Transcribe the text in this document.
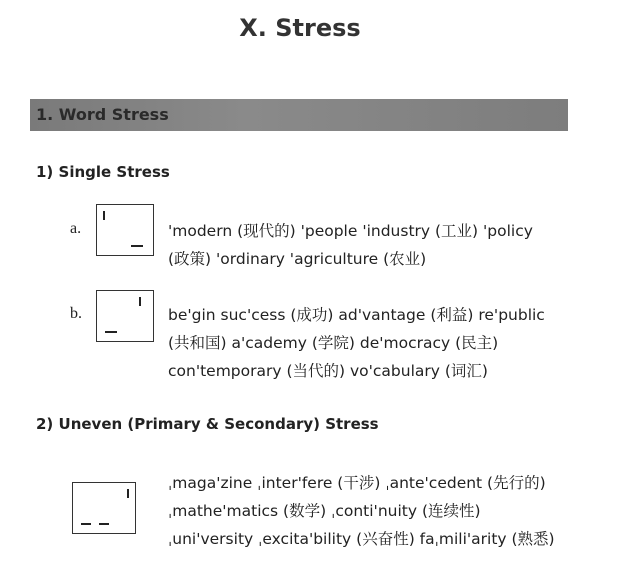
X. Stress
1. Word Stress
1) Single Stress
a.	'modern (现代的) 'people 'industry (工业) 'policy
(政策) 'ordinary 'agriculture (农业)
b.	be'gin suc'cess (成功) ad'vantage (利益) re'public
(共和国) a'cademy (学院) de'mocracy (民主)
con'temporary (当代的) vo'cabulary (词汇)
2) Uneven (Primary & Secondary) Stress
ˌmaga'zine ˌinter'fere (干涉) ˌante'cedent (先行的)
ˌmathe'matics (数学) ˌconti'nuity (连续性)
ˌuni'versity ˌexcita'bility (兴奋性) faˌmili'arity (熟悉)
